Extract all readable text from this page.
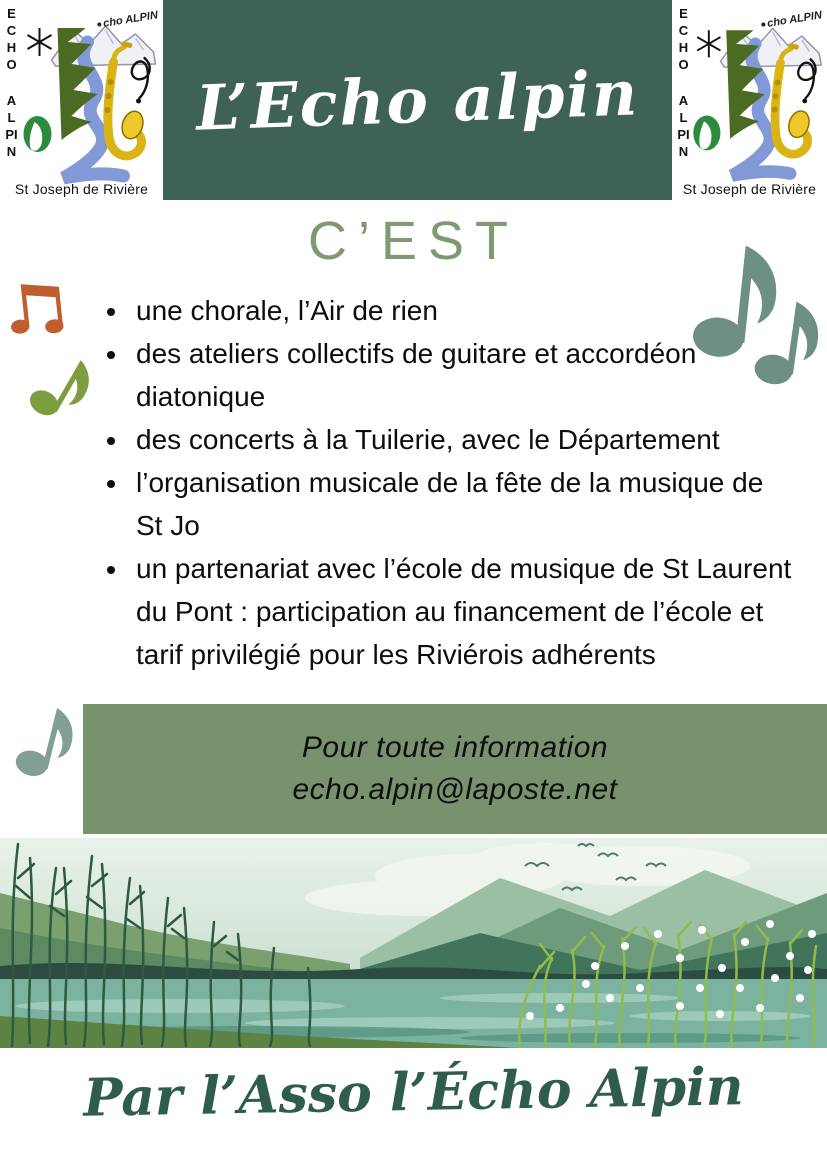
L’Echo alpin
ECHO
ALPIN
cho ALPIN
St Joseph de Rivière
ECHO
ALPIN
cho ALPIN
St Joseph de Rivière
C’EST
• une chorale, l’Air de rien
• des ateliers collectifs de guitare et accordéon diatonique
• des concerts à la Tuilerie, avec le Département
• l’organisation musicale de la fête de la musique de St Jo
• un partenariat avec l’école de musique de St Laurent du Pont : participation au financement de l’école et tarif privilégié pour les Riviérois adhérents
Pour toute information
echo.alpin@laposte.net
Par l’Asso l’Écho Alpin
